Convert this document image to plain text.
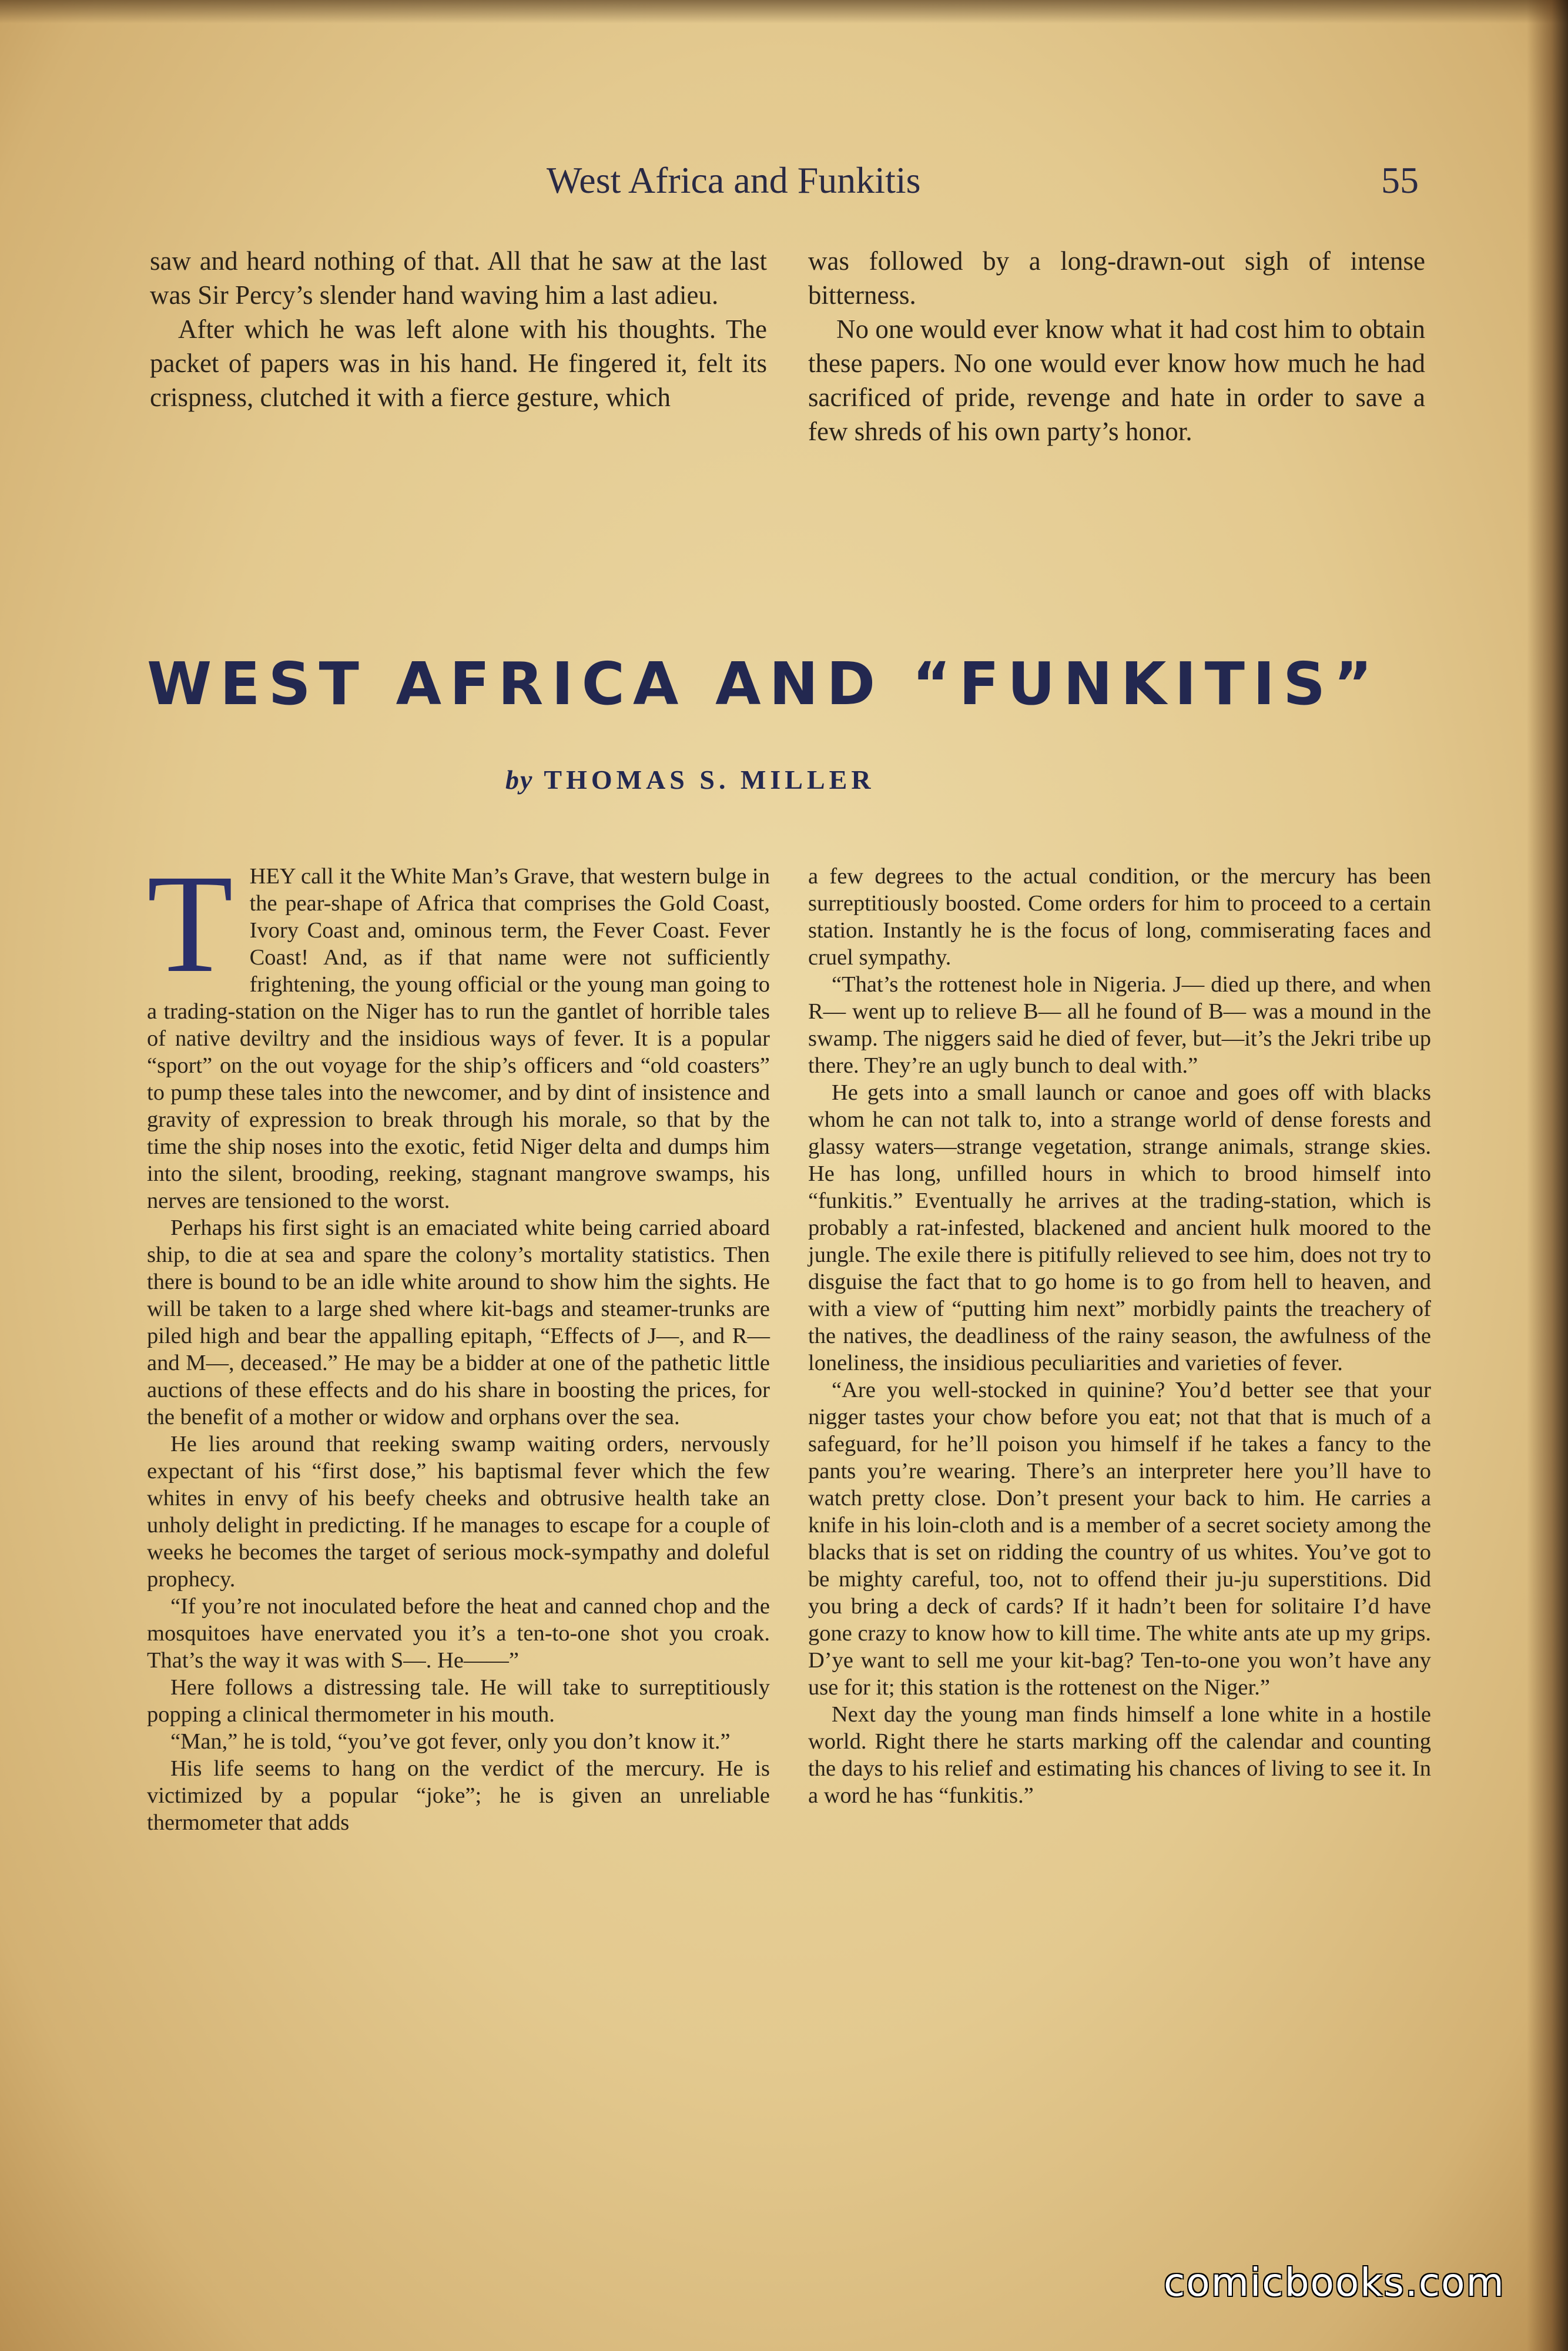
West Africa and Funkitis	55

saw and heard nothing of that. All that he saw at the last was Sir Percy’s slender hand waving him a last adieu.

After which he was left alone with his thoughts. The packet of papers was in his hand. He fingered it, felt its crispness, clutched it with a fierce gesture, which

was followed by a long-drawn-out sigh of intense bitterness.

No one would ever know what it had cost him to obtain these papers. No one would ever know how much he had sacrificed of pride, revenge and hate in order to save a few shreds of his own party’s honor.

WEST AFRICA AND “FUNKITIS”
by THOMAS S. MILLER

THEY call it the White Man’s Grave, that western bulge in the pear-shape of Africa that comprises the Gold Coast, Ivory Coast and, ominous term, the Fever Coast. Fever Coast! And, as if that name were not sufficiently frightening, the young official or the young man going to a trading-station on the Niger has to run the gantlet of horrible tales of native deviltry and the insidious ways of fever. It is a popular “sport” on the out voyage for the ship’s officers and “old coasters” to pump these tales into the newcomer, and by dint of insistence and gravity of expression to break through his morale, so that by the time the ship noses into the exotic, fetid Niger delta and dumps him into the silent, brooding, reeking, stagnant mangrove swamps, his nerves are tensioned to the worst.

Perhaps his first sight is an emaciated white being carried aboard ship, to die at sea and spare the colony’s mortality statistics. Then there is bound to be an idle white around to show him the sights. He will be taken to a large shed where kit-bags and steamer-trunks are piled high and bear the appalling epitaph, “Effects of J—, and R— and M—, deceased.” He may be a bidder at one of the pathetic little auctions of these effects and do his share in boosting the prices, for the benefit of a mother or widow and orphans over the sea.

He lies around that reeking swamp waiting orders, nervously expectant of his “first dose,” his baptismal fever which the few whites in envy of his beefy cheeks and obtrusive health take an unholy delight in predicting. If he manages to escape for a couple of weeks he becomes the target of serious mock-sympathy and doleful prophecy.

“If you’re not inoculated before the heat and canned chop and the mosquitoes have enervated you it’s a ten-to-one shot you croak. That’s the way it was with S—. He——”

Here follows a distressing tale. He will take to surreptitiously popping a clinical thermometer in his mouth.

“Man,” he is told, “you’ve got fever, only you don’t know it.”

His life seems to hang on the verdict of the mercury. He is victimized by a popular “joke”; he is given an unreliable thermometer that adds

a few degrees to the actual condition, or the mercury has been surreptitiously boosted. Come orders for him to proceed to a certain station. Instantly he is the focus of long, commiserating faces and cruel sympathy.

“That’s the rottenest hole in Nigeria. J— died up there, and when R— went up to relieve B— all he found of B— was a mound in the swamp. The niggers said he died of fever, but—it’s the Jekri tribe up there. They’re an ugly bunch to deal with.”

He gets into a small launch or canoe and goes off with blacks whom he can not talk to, into a strange world of dense forests and glassy waters—strange vegetation, strange animals, strange skies. He has long, unfilled hours in which to brood himself into “funkitis.” Eventually he arrives at the trading-station, which is probably a rat-infested, blackened and ancient hulk moored to the jungle. The exile there is pitifully relieved to see him, does not try to disguise the fact that to go home is to go from hell to heaven, and with a view of “putting him next” morbidly paints the treachery of the natives, the deadliness of the rainy season, the awfulness of the loneliness, the insidious peculiarities and varieties of fever.

“Are you well-stocked in quinine? You’d better see that your nigger tastes your chow before you eat; not that that is much of a safeguard, for he’ll poison you himself if he takes a fancy to the pants you’re wearing. There’s an interpreter here you’ll have to watch pretty close. Don’t present your back to him. He carries a knife in his loin-cloth and is a member of a secret society among the blacks that is set on ridding the country of us whites. You’ve got to be mighty careful, too, not to offend their ju-ju superstitions. Did you bring a deck of cards? If it hadn’t been for solitaire I’d have gone crazy to know how to kill time. The white ants ate up my grips. D’ye want to sell me your kit-bag? Ten-to-one you won’t have any use for it; this station is the rottenest on the Niger.”

Next day the young man finds himself a lone white in a hostile world. Right there he starts marking off the calendar and counting the days to his relief and estimating his chances of living to see it. In a word he has “funkitis.”

comicbooks.com
